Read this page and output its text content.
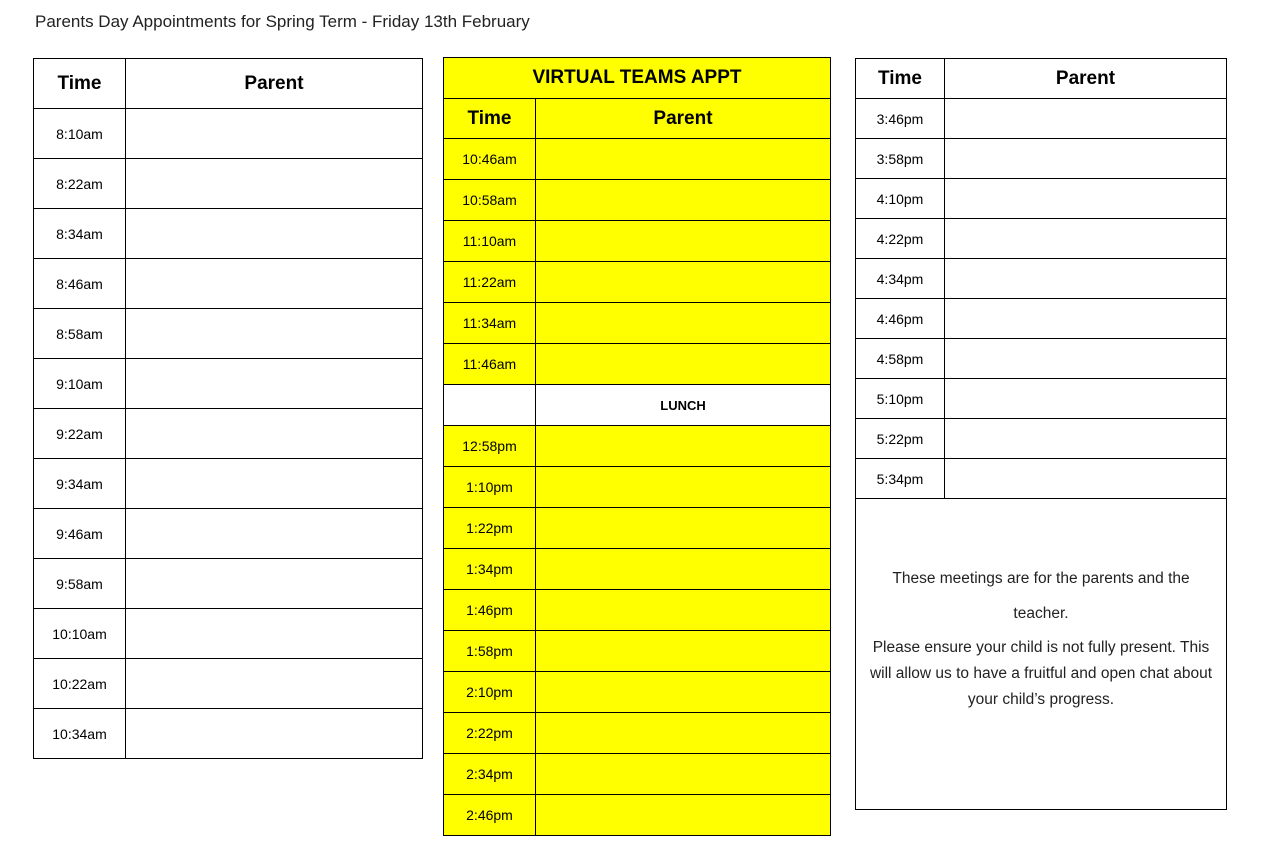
Parents Day Appointments for Spring Term - Friday 13th February
Time	Parent
8:10am	
8:22am	
8:34am	
8:46am	
8:58am	
9:10am	
9:22am	
9:34am	
9:46am	
9:58am	
10:10am	
10:22am	
10:34am	
VIRTUAL TEAMS APPT	
Time	Parent
10:46am	
10:58am	
11:10am	
11:22am	
11:34am	
11:46am	
	LUNCH
12:58pm	
1:10pm	
1:22pm	
1:34pm	
1:46pm	
1:58pm	
2:10pm	
2:22pm	
2:34pm	
2:46pm	
Time	Parent
3:46pm	
3:58pm	
4:10pm	
4:22pm	
4:34pm	
4:46pm	
4:58pm	
5:10pm	
5:22pm	
5:34pm	
These meetings are for the parents and the teacher.
Please ensure your child is not fully present. This will allow us to have a fruitful and open chat about your child’s progress.
